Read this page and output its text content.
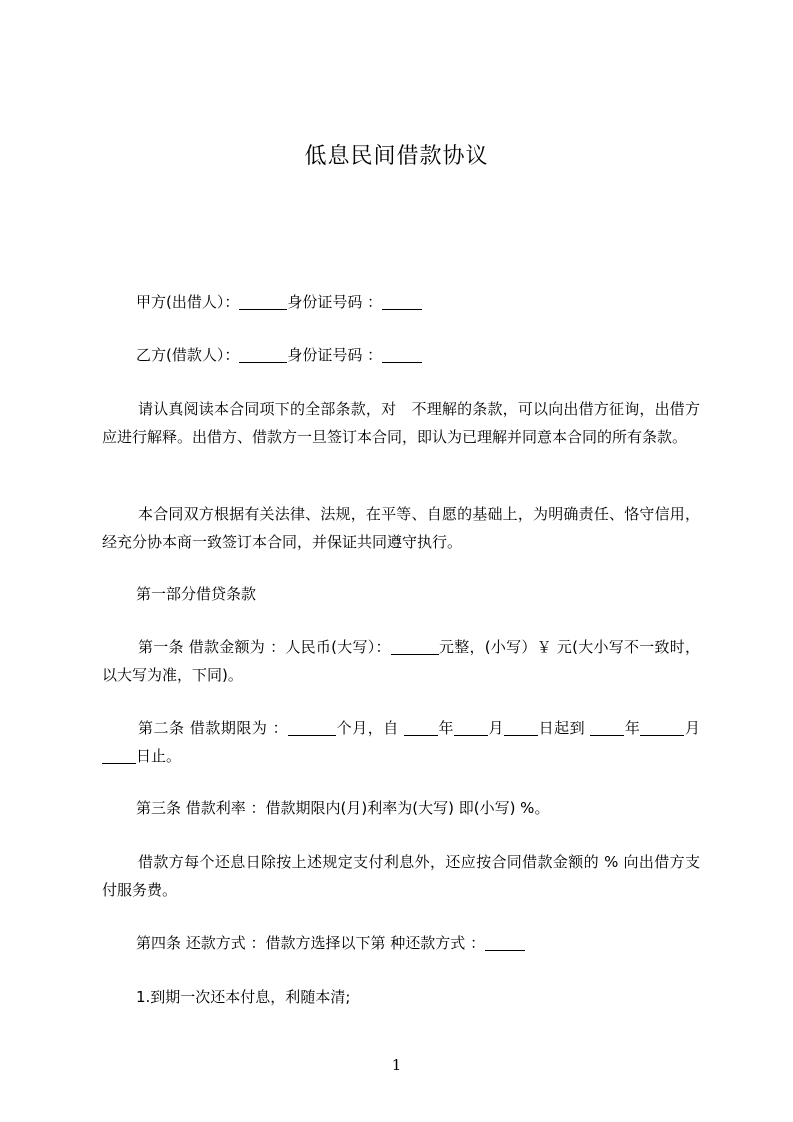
低息民间借款协议

甲方(出借人）：	身份证号码 ：

乙方(借款人）：	身份证号码 ：

请认真阅读本合同项下的全部条款，对　不理解的条款，可以向出借方征询，出借方应进行解释。出借方、借款方一旦签订本合同，即认为已理解并同意本合同的所有条款。

本合同双方根据有关法律、法规，在平等、自愿的基础上，为明确责任、恪守信用，经充分协本商一致签订本合同，并保证共同遵守执行。

第一部分借贷条款

第一条 借款金额为 ：人民币(大写）：	元整，(小写）￥ 元(大小写不一致时，以大写为准，下同)。

第二条 借款期限为 ：	个月，自 年 月 日起到 年	月日止。

第三条 借款利率 ：借款期限内(月)利率为(大写) 即(小写) %。

借款方每个还息日除按上述规定支付利息外，还应按合同借款金额的 % 向出借方支付服务费。

第四条 还款方式 ：借款方选择以下第 种还款方式 ：

1.到期一次还本付息，利随本清;

1
